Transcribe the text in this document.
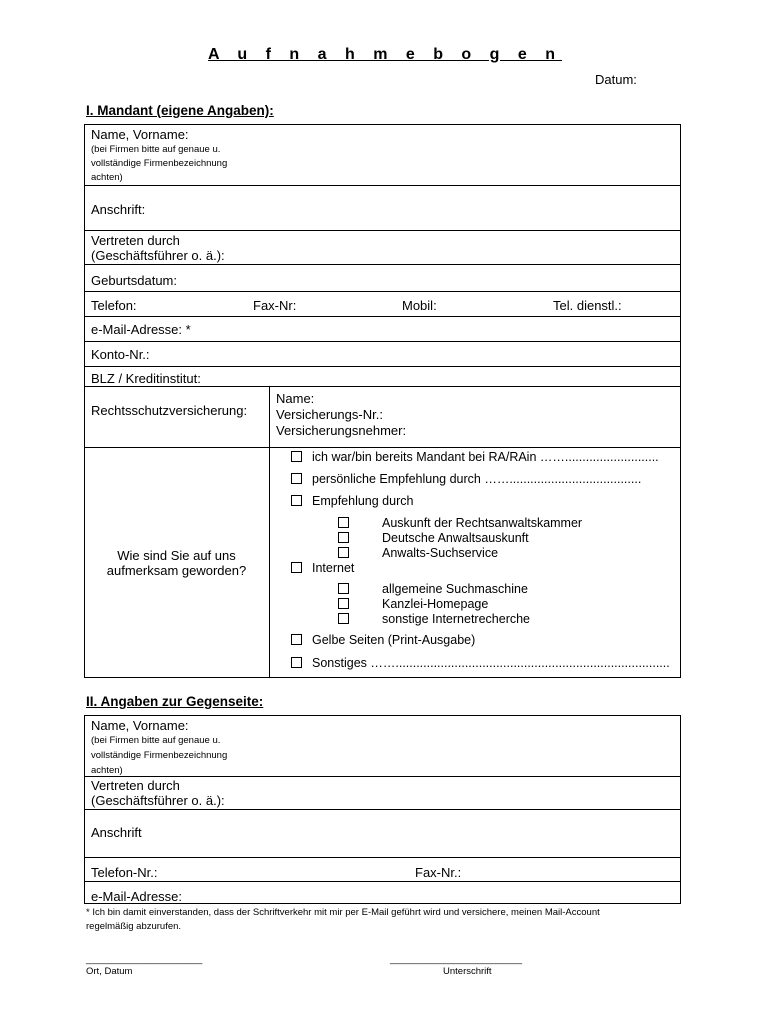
A u f n a h m e b o g e n
Datum:
I. Mandant (eigene Angaben):
Name, Vorname:
(bei Firmen bitte auf genaue u.
vollständige Firmenbezeichnung
achten)
Anschrift:
Vertreten durch
(Geschäftsführer o. ä.):
Geburtsdatum:
Telefon:	Fax-Nr:	Mobil:	Tel. dienstl.:
e-Mail-Adresse: *
Konto-Nr.:
BLZ / Kreditinstitut:
Rechtsschutzversicherung:
Name:
Versicherungs-Nr.:
Versicherungsnehmer:
Wie sind Sie auf uns
aufmerksam geworden?
ich war/bin bereits Mandant bei RA/RAin ……...........................
persönliche Empfehlung durch ……......................................
Empfehlung durch
Auskunft der Rechtsanwaltskammer
Deutsche Anwaltsauskunft
Anwalts-Suchservice
Internet
allgemeine Suchmaschine
Kanzlei-Homepage
sonstige Internetrecherche
Gelbe Seiten (Print-Ausgabe)
Sonstiges ……...............................................................................
II. Angaben zur Gegenseite:
Name, Vorname:
(bei Firmen bitte auf genaue u.
vollständige Firmenbezeichnung
achten)
Vertreten durch
(Geschäftsführer o. ä.):
Anschrift
Telefon-Nr.:	Fax-Nr.:
e-Mail-Adresse:
* Ich bin damit einverstanden, dass der Schriftverkehr mit mir per E-Mail geführt wird und versichere, meinen Mail-Account
regelmäßig abzurufen.
______________________	_________________________
Ort, Datum	Unterschrift
